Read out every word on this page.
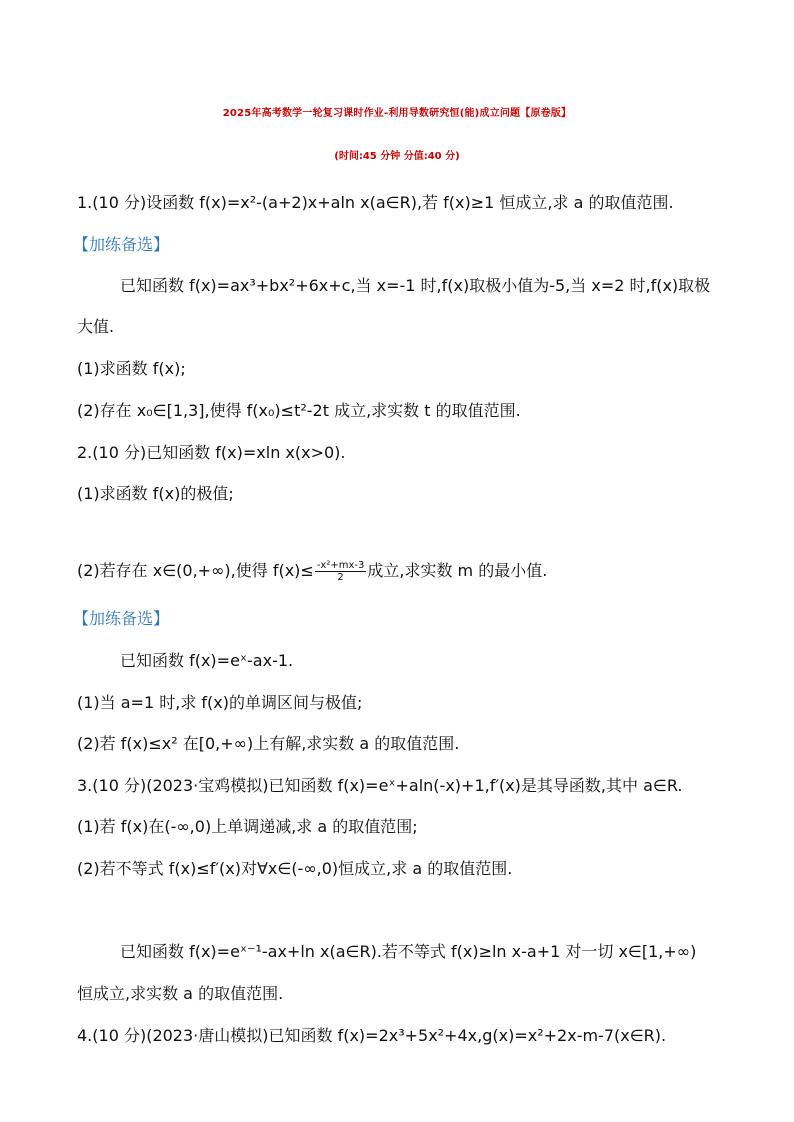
2025年高考数学一轮复习课时作业-利用导数研究恒(能)成立问题【原卷版】
(时间:45 分钟 分值:40 分)
1.(10 分)设函数 f(x)=x²-(a+2)x+aln x(a∈R),若 f(x)≥1 恒成立,求 a 的取值范围.
【加练备选】
已知函数 f(x)=ax³+bx²+6x+c,当 x=-1 时,f(x)取极小值为-5,当 x=2 时,f(x)取极
大值.
(1)求函数 f(x);
(2)存在 x₀∈[1,3],使得 f(x₀)≤t²-2t 成立,求实数 t 的取值范围.
2.(10 分)已知函数 f(x)=xln x(x>0).
(1)求函数 f(x)的极值;
(2)若存在 x∈(0,+∞),使得 $f(x)\le \frac{\text{-x²+mx-3}}{2}$ 成立,求实数 m 的最小值.
【加练备选】
已知函数 f(x)=eˣ-ax-1.
(1)当 a=1 时,求 f(x)的单调区间与极值;
(2)若 f(x)≤x² 在[0,+∞)上有解,求实数 a 的取值范围.
3.(10 分)(2023·宝鸡模拟)已知函数 f(x)=eˣ+aln(-x)+1,f′(x)是其导函数,其中 a∈R.
(1)若 f(x)在(-∞,0)上单调递减,求 a 的取值范围;
(2)若不等式 f(x)≤f′(x)对∀x∈(-∞,0)恒成立,求 a 的取值范围.
已知函数 f(x)=eˣ⁻¹-ax+ln x(a∈R).若不等式 f(x)≥ln x-a+1 对一切 x∈[1,+∞)
恒成立,求实数 a 的取值范围.
4.(10 分)(2023·唐山模拟)已知函数 f(x)=2x³+5x²+4x,g(x)=x²+2x-m-7(x∈R).
